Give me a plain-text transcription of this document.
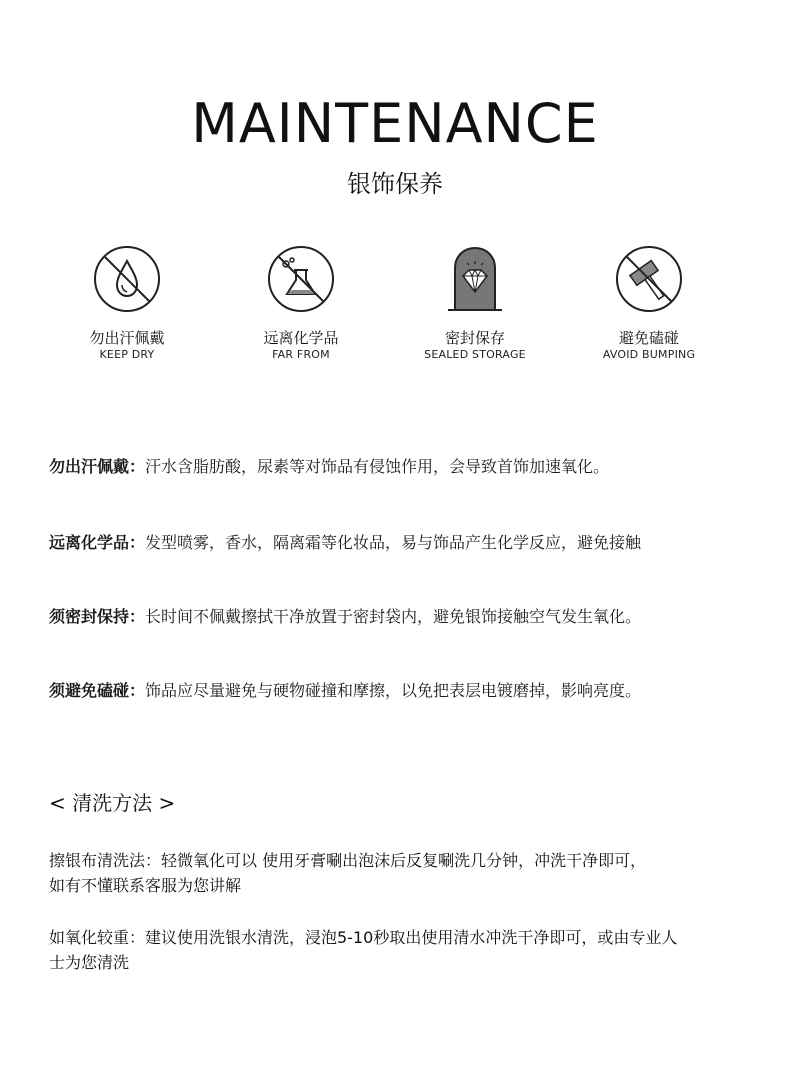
MAINTENANCE
银饰保养
勿出汗佩戴
KEEP DRY
远离化学品
FAR FROM
密封保存
SEALED STORAGE
避免磕碰
AVOID BUMPING
勿出汗佩戴：汗水含脂肪酸，尿素等对饰品有侵蚀作用，会导致首饰加速氧化。
远离化学品：发型喷雾，香水，隔离霜等化妆品，易与饰品产生化学反应，避免接触
须密封保持：长时间不佩戴擦拭干净放置于密封袋内，避免银饰接触空气发生氧化。
须避免磕碰：饰品应尽量避免与硬物碰撞和摩擦，以免把表层电镀磨掉，影响亮度。
< 清洗方法 >
擦银布清洗法：轻微氧化可以 使用牙膏唰出泡沫后反复唰洗几分钟，冲洗干净即可，
如有不懂联系客服为您讲解
如氧化较重：建议使用洗银水清洗，浸泡5-10秒取出使用清水冲洗干净即可，或由专业人
士为您清洗
